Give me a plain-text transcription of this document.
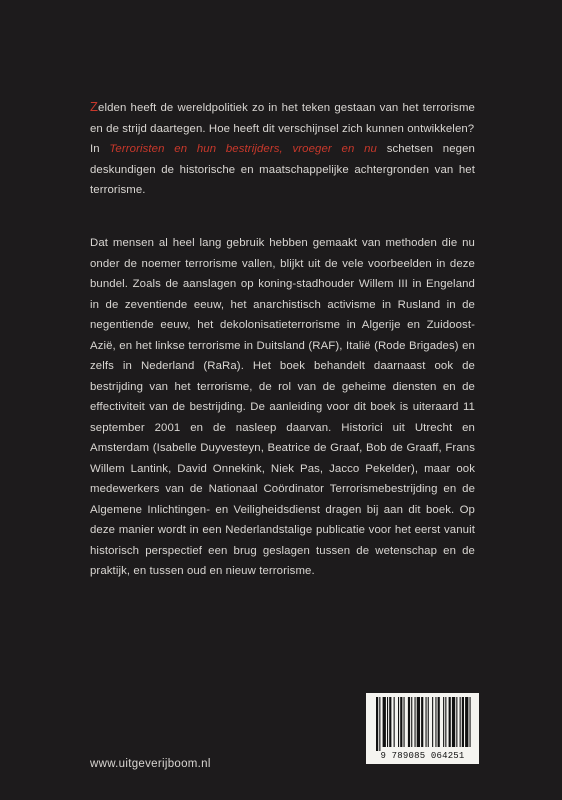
Zelden heeft de wereldpolitiek zo in het teken gestaan van het terrorisme en de strijd daartegen. Hoe heeft dit verschijnsel zich kunnen ontwikkelen?
In Terroristen en hun bestrijders, vroeger en nu schetsen negen deskundigen de historische en maatschappelijke achtergronden van het terrorisme.

Dat mensen al heel lang gebruik hebben gemaakt van methoden die nu onder de noemer terrorisme vallen, blijkt uit de vele voorbeelden in deze bundel. Zoals de aanslagen op koning-stadhouder Willem III in Engeland in de zeventiende eeuw, het anarchistisch activisme in Rusland in de negentiende eeuw, het dekolonisatieterrorisme in Algerije en Zuidoost-Azië, en het linkse terrorisme in Duitsland (RAF), Italië (Rode Brigades) en zelfs in Nederland (RaRa). Het boek behandelt daarnaast ook de bestrijding van het terrorisme, de rol van de geheime diensten en de effectiviteit van de bestrijding. De aanleiding voor dit boek is uiteraard 11 september 2001 en de nasleep daarvan. Historici uit Utrecht en Amsterdam (Isabelle Duyvesteyn, Beatrice de Graaf, Bob de Graaff, Frans Willem Lantink, David Onnekink, Niek Pas, Jacco Pekelder), maar ook medewerkers van de Nationaal Coördinator Terrorismebestrijding en de Algemene Inlichtingen- en Veiligheidsdienst dragen bij aan dit boek. Op deze manier wordt in een Nederlandstalige publicatie voor het eerst vanuit historisch perspectief een brug geslagen tussen de wetenschap en de praktijk, en tussen oud en nieuw terrorisme.

www.uitgeverijboom.nl
9 789085 064251
